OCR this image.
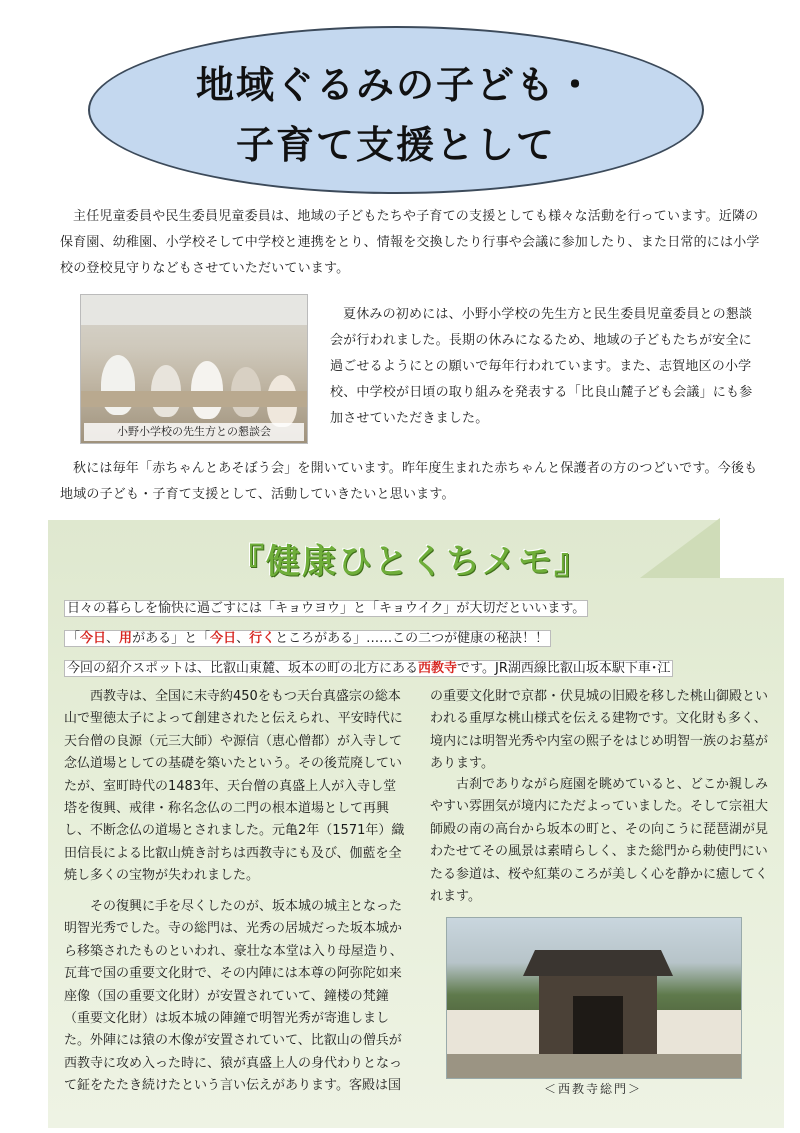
地域ぐるみの子ども・
子育て支援として
主任児童委員や民生委員児童委員は、地域の子どもたちや子育ての支援としても様々な活動を行っています。近隣の保育園、幼稚園、小学校そして中学校と連携をとり、情報を交換したり行事や会議に参加したり、また日常的には小学校の登校見守りなどもさせていただいています。
小野小学校の先生方との懇談会
夏休みの初めには、小野小学校の先生方と民生委員児童委員との懇談会が行われました。長期の休みになるため、地域の子どもたちが安全に過ごせるようにとの願いで毎年行われています。また、志賀地区の小学校、中学校が日頃の取り組みを発表する「比良山麓子ども会議」にも参加させていただきました。
秋には毎年「赤ちゃんとあそぼう会」を開いています。昨年度生まれた赤ちゃんと保護者の方のつどいです。今後も地域の子ども・子育て支援として、活動していきたいと思います。
『健康ひとくちメモ』
日々の暮らしを愉快に過ごすには「キョウヨウ」と「キョウイク」が大切だといいます。
「今日、用がある」と「今日、行くところがある」‥‥‥この二つが健康の秘訣！！
今回の紹介スポットは、比叡山東麓、坂本の町の北方にある西教寺です。JR湖西線比叡山坂本駅下車･江
西教寺は、全国に末寺約450をもつ天台真盛宗の総本山で聖徳太子によって創建されたと伝えられ、平安時代に天台僧の良源（元三大師）や源信（恵心僧都）が入寺して念仏道場としての基礎を築いたという。その後荒廃していたが、室町時代の1483年、天台僧の真盛上人が入寺し堂塔を復興、戒律・称名念仏の二門の根本道場として再興し、不断念仏の道場とされました。元亀2年（1571年）織田信長による比叡山焼き討ちは西教寺にも及び、伽藍を全焼し多くの宝物が失われました。
その復興に手を尽くしたのが、坂本城の城主となった明智光秀でした。寺の総門は、光秀の居城だった坂本城から移築されたものといわれ、豪壮な本堂は入り母屋造り、瓦葺で国の重要文化財で、その内陣には本尊の阿弥陀如来座像（国の重要文化財）が安置されていて、鐘楼の梵鐘（重要文化財）は坂本城の陣鐘で明智光秀が寄進しました。外陣には猿の木像が安置されていて、比叡山の僧兵が西教寺に攻め入った時に、猿が真盛上人の身代わりとなって鉦をたたき続けたという言い伝えがあります。客殿は国
の重要文化財で京都・伏見城の旧殿を移した桃山御殿といわれる重厚な桃山様式を伝える建物です。文化財も多く、境内には明智光秀や内室の熙子をはじめ明智一族のお墓があります。
古刹でありながら庭園を眺めていると、どこか親しみやすい雰囲気が境内にただよっていました。そして宗祖大師殿の南の高台から坂本の町と、その向こうに琵琶湖が見わたせてその風景は素晴らしく、また総門から勅使門にいたる参道は、桜や紅葉のころが美しく心を静かに癒してくれます。
＜西教寺総門＞
